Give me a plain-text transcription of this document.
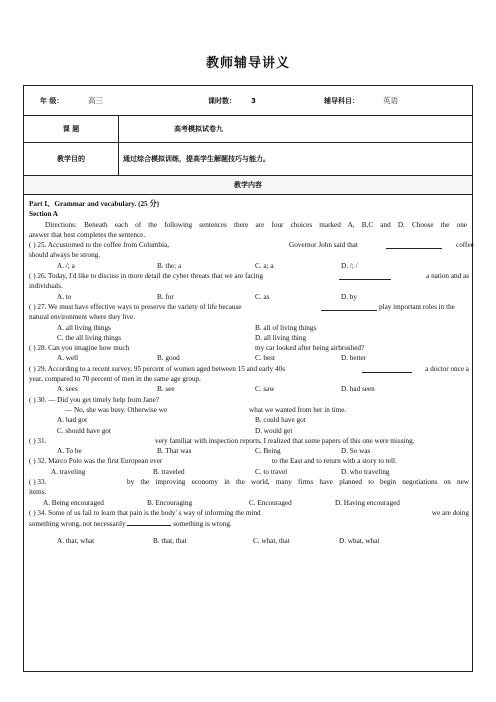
教师辅导讲义
年 级：	高三	课时数： 3	辅导科目：	英语
课 题	高考模拟试卷九
教学目的	通过综合模拟训练，提高学生解题技巧与能力。
教学内容
Part I、Grammar and vocabulary. (25 分)
Section A
Directions: Beneath each of the following sentences there are four choices marked A, B,C and D. Choose the one
answer that best completes the sentence.
( ) 25. Accustomed to the coffee from Columbia,	Governor John said that	coffee
should always be strong.
A. /; a	B. the; a	C. a; a	D. /; /
( ) 26. Today, I'd like to discuss in more detail the cyber threats that we are facing	a nation and as
individuals.
A. to	B. for	C. as	D. by
( ) 27. We must have effective ways to preserve the variety of life because	play important roles in the
natural environment where they live.
A. all living things	B. all of living things
C. the all living things	D. all living thing
( ) 28. Can you imagine how much	my car looked after being airbrushed?
A. well	B. good	C. best	D. better
( ) 29. According to a recent survey, 95 percent of women aged between 15 and early 40s	a doctor once a
year, compared to 70 percent of men in the same age group.
A. sees	B. see	C. saw	D. had seen
( ) 30. — Did you get timely help from Jane?
— No, she was busy. Otherwise we	what we wanted from her in time.
A. had got	B. could have got
C. should have got	D. would get
( ) 31.	very familiar with inspection reports, I realized that some papers of this one were missing.
A. To be	B. That was	C. Being	D. So was
( ) 32. Marco Polo was the first European ever	to the East and to return with a story to tell.
A. traveling	B. traveled	C. to travel	D. who traveling
( ) 33.	by the improving economy in the world, many firms have planned to begin negotiations on new
items.
A. Being encouraged	B. Encouraging	C. Encouraged	D. Having encouraged
( ) 34. Some of us fail to learn that pain is the body' s way of informing the mind	we are doing
something wrong, not necessarily	something is wrong.
A. that, what	B. that, that	C. what, that	D. what, what
